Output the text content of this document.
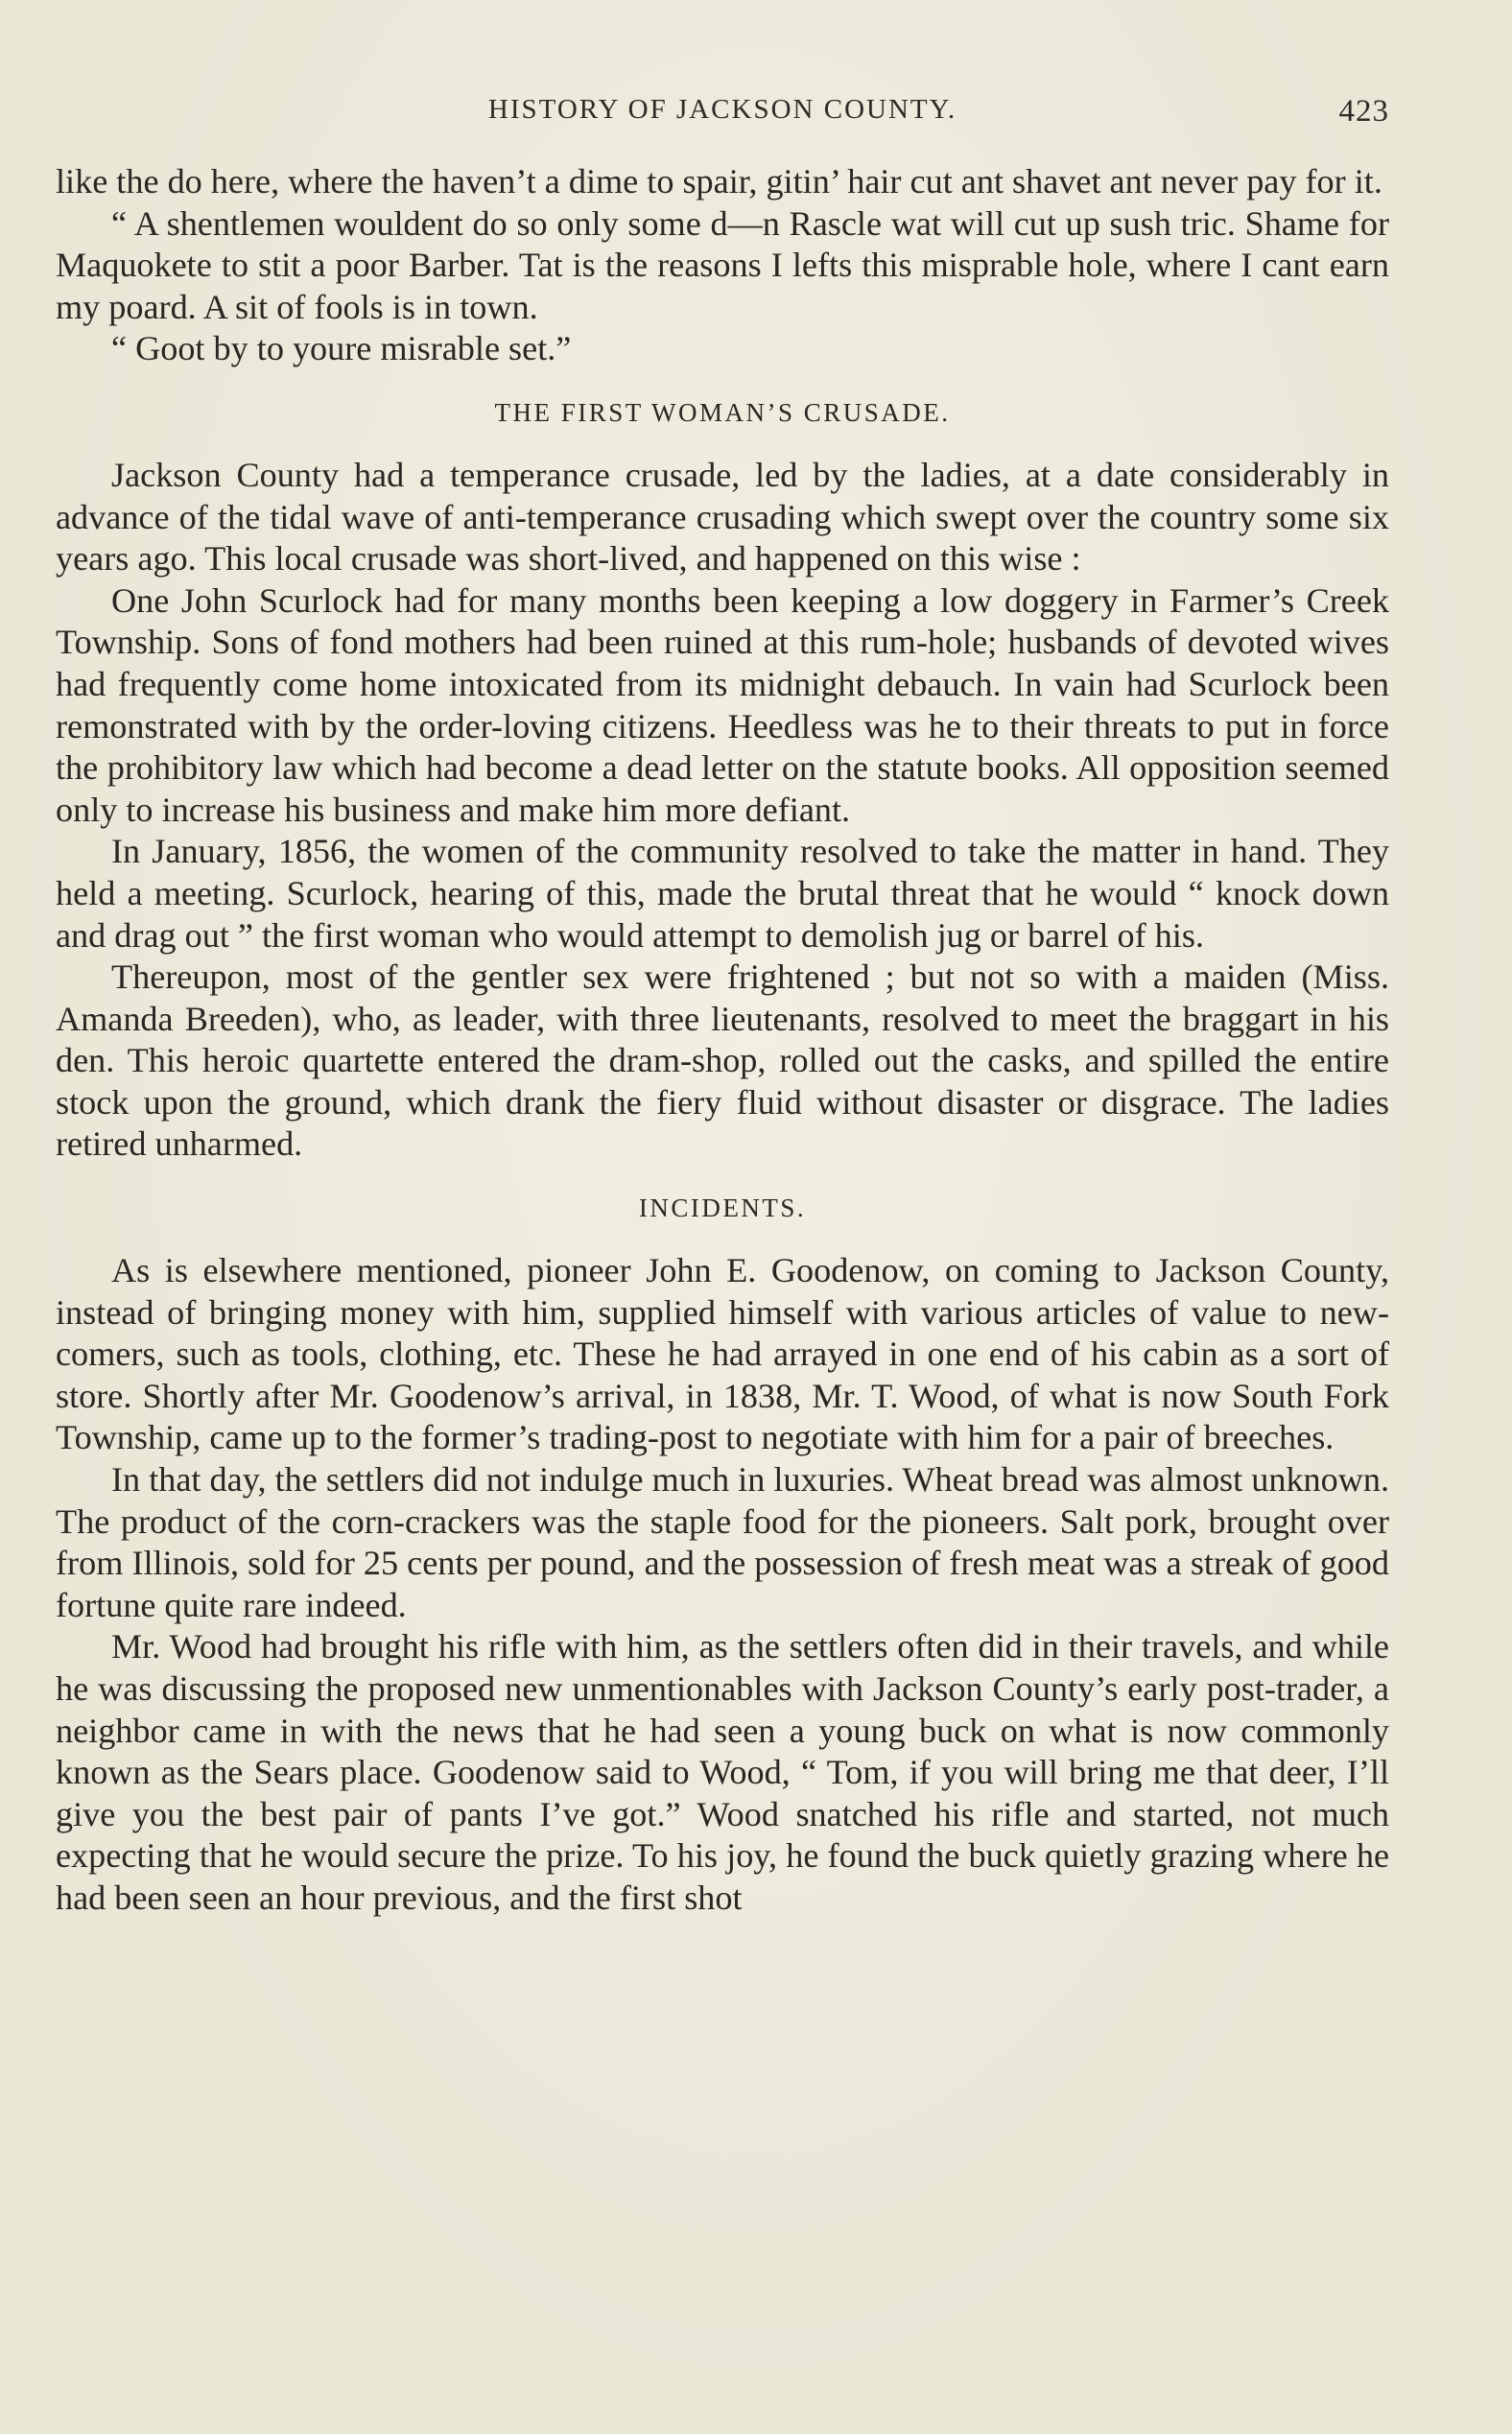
HISTORY OF JACKSON COUNTY.	423

like the do here, where the haven’t a dime to spair, gitin’ hair cut ant shavet ant never pay for it.

“ A shentlemen wouldent do so only some d—n Rascle wat will cut up sush tric. Shame for Maquokete to stit a poor Barber. Tat is the reasons I lefts this misprable hole, where I cant earn my poard. A sit of fools is in town.

“ Goot by to youre misrable set.”

THE FIRST WOMAN’S CRUSADE.

Jackson County had a temperance crusade, led by the ladies, at a date considerably in advance of the tidal wave of anti-temperance crusading which swept over the country some six years ago. This local crusade was short-lived, and happened on this wise :

One John Scurlock had for many months been keeping a low doggery in Farmer’s Creek Township. Sons of fond mothers had been ruined at this rum-hole; husbands of devoted wives had frequently come home intoxicated from its midnight debauch. In vain had Scurlock been remonstrated with by the order-loving citizens. Heedless was he to their threats to put in force the prohibitory law which had become a dead letter on the statute books. All opposition seemed only to increase his business and make him more defiant.

In January, 1856, the women of the community resolved to take the matter in hand. They held a meeting. Scurlock, hearing of this, made the brutal threat that he would “ knock down and drag out ” the first woman who would attempt to demolish jug or barrel of his.

Thereupon, most of the gentler sex were frightened ; but not so with a maiden (Miss. Amanda Breeden), who, as leader, with three lieutenants, resolved to meet the braggart in his den. This heroic quartette entered the dram-shop, rolled out the casks, and spilled the entire stock upon the ground, which drank the fiery fluid without disaster or disgrace. The ladies retired unharmed.

INCIDENTS.

As is elsewhere mentioned, pioneer John E. Goodenow, on coming to Jackson County, instead of bringing money with him, supplied himself with various articles of value to new-comers, such as tools, clothing, etc. These he had arrayed in one end of his cabin as a sort of store. Shortly after Mr. Goodenow’s arrival, in 1838, Mr. T. Wood, of what is now South Fork Township, came up to the former’s trading-post to negotiate with him for a pair of breeches.

In that day, the settlers did not indulge much in luxuries. Wheat bread was almost unknown. The product of the corn-crackers was the staple food for the pioneers. Salt pork, brought over from Illinois, sold for 25 cents per pound, and the possession of fresh meat was a streak of good fortune quite rare indeed.

Mr. Wood had brought his rifle with him, as the settlers often did in their travels, and while he was discussing the proposed new unmentionables with Jackson County’s early post-trader, a neighbor came in with the news that he had seen a young buck on what is now commonly known as the Sears place. Goodenow said to Wood, “ Tom, if you will bring me that deer, I’ll give you the best pair of pants I’ve got.” Wood snatched his rifle and started, not much expecting that he would secure the prize. To his joy, he found the buck quietly grazing where he had been seen an hour previous, and the first shot
